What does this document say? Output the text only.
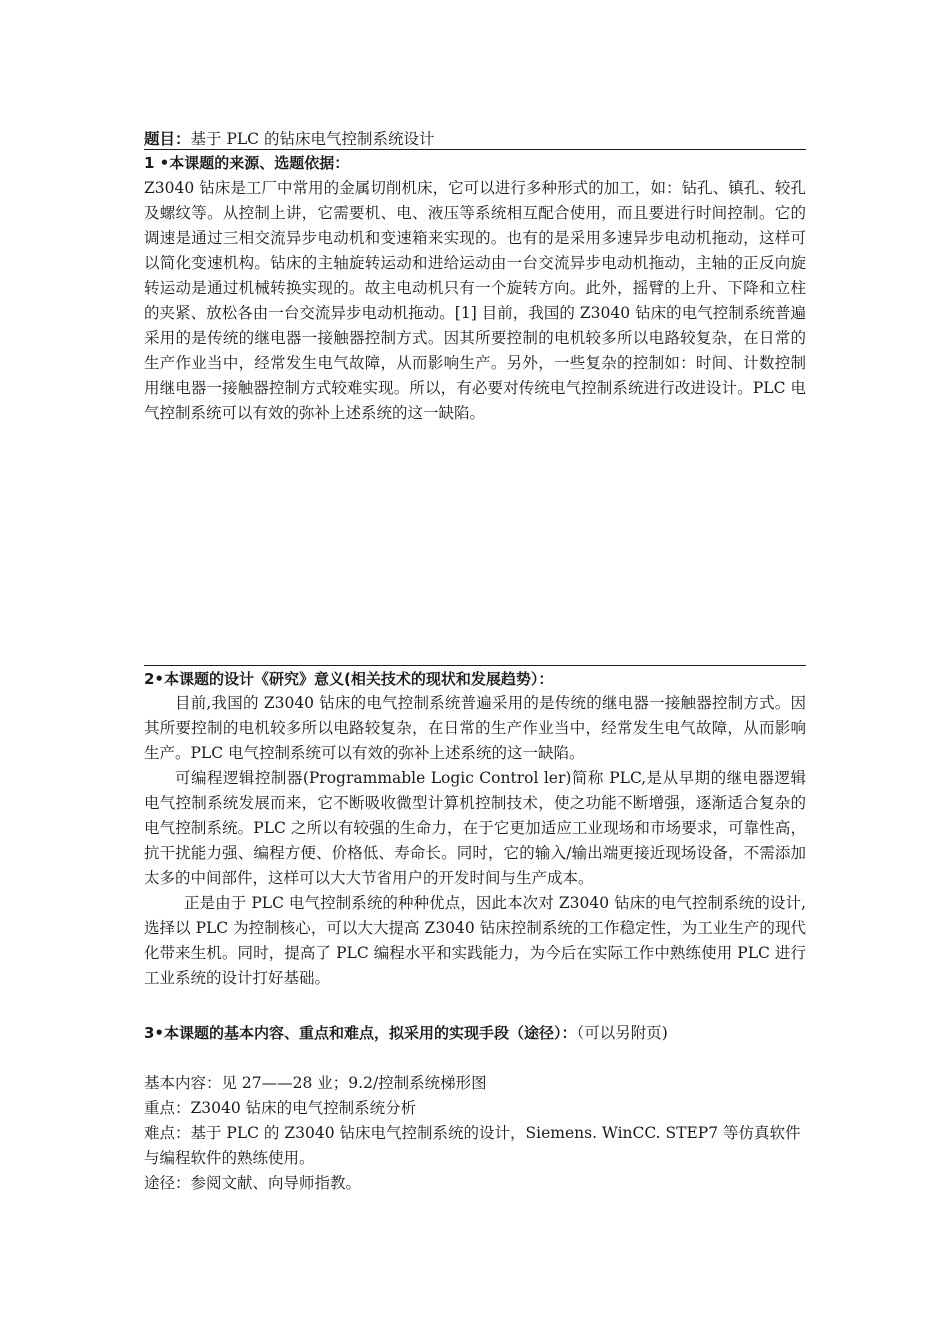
题目：基于 PLC 的钻床电气控制系统设计
1 •本课题的来源、选题依据：
Z3040 钻床是工厂中常用的金属切削机床，它可以进行多种形式的加工，如：钻孔、镇孔、较孔及螺纹等。从控制上讲，它需要机、电、液压等系统相互配合使用，而且要进行时间控制。它的调速是通过三相交流异步电动机和变速箱来实现的。也有的是采用多速异步电动机拖动，这样可以简化变速机构。钻床的主轴旋转运动和进给运动由一台交流异步电动机拖动，主轴的正反向旋转运动是通过机械转换实现的。故主电动机只有一个旋转方向。此外，摇臂的上升、下降和立柱的夹紧、放松各由一台交流异步电动机拖动。[1] 目前，我国的 Z3040 钻床的电气控制系统普遍采用的是传统的继电器一接触器控制方式。因其所要控制的电机较多所以电路较复杂，在日常的生产作业当中，经常发生电气故障，从而影响生产。另外，一些复杂的控制如：时间、计数控制用继电器一接触器控制方式较难实现。所以，有必要对传统电气控制系统进行改进设计。PLC 电气控制系统可以有效的弥补上述系统的这一缺陷。
2•本课题的设计《研究》意义(相关技术的现状和发展趋势）：

目前,我国的 Z3040 钻床的电气控制系统普遍采用的是传统的继电器一接触器控制方式。因其所要控制的电机较多所以电路较复杂，在日常的生产作业当中，经常发生电气故障，从而影响生产。PLC 电气控制系统可以有效的弥补上述系统的这一缺陷。

可编程逻辑控制器(Programmable Logic Control ler)简称 PLC,是从早期的继电器逻辑电气控制系统发展而来，它不断吸收微型计算机控制技术，使之功能不断增强，逐渐适合复杂的电气控制系统。PLC 之所以有较强的生命力，在于它更加适应工业现场和市场要求，可靠性高，抗干扰能力强、编程方便、价格低、寿命长。同时，它的输入/输出端更接近现场设备，不需添加太多的中间部件，这样可以大大节省用户的开发时间与生产成本。

正是由于 PLC 电气控制系统的种种优点，因此本次对 Z3040 钻床的电气控制系统的设计,选择以 PLC 为控制核心，可以大大提高 Z3040 钻床控制系统的工作稳定性，为工业生产的现代化带来生机。同时，提高了 PLC 编程水平和实践能力，为今后在实际工作中熟练使用 PLC 进行工业系统的设计打好基础。

3•本课题的基本内容、重点和难点，拟采用的实现手段（途径）：（可以另附页)
基本内容：见 27——28 业；9.2/控制系统梯形图
重点：Z3040 钻床的电气控制系统分析
难点：基于 PLC 的 Z3040 钻床电气控制系统的设计，Siemens. WinCC. STEP7 等仿真软件与编程软件的熟练使用。
途径：参阅文献、向导师指教。
